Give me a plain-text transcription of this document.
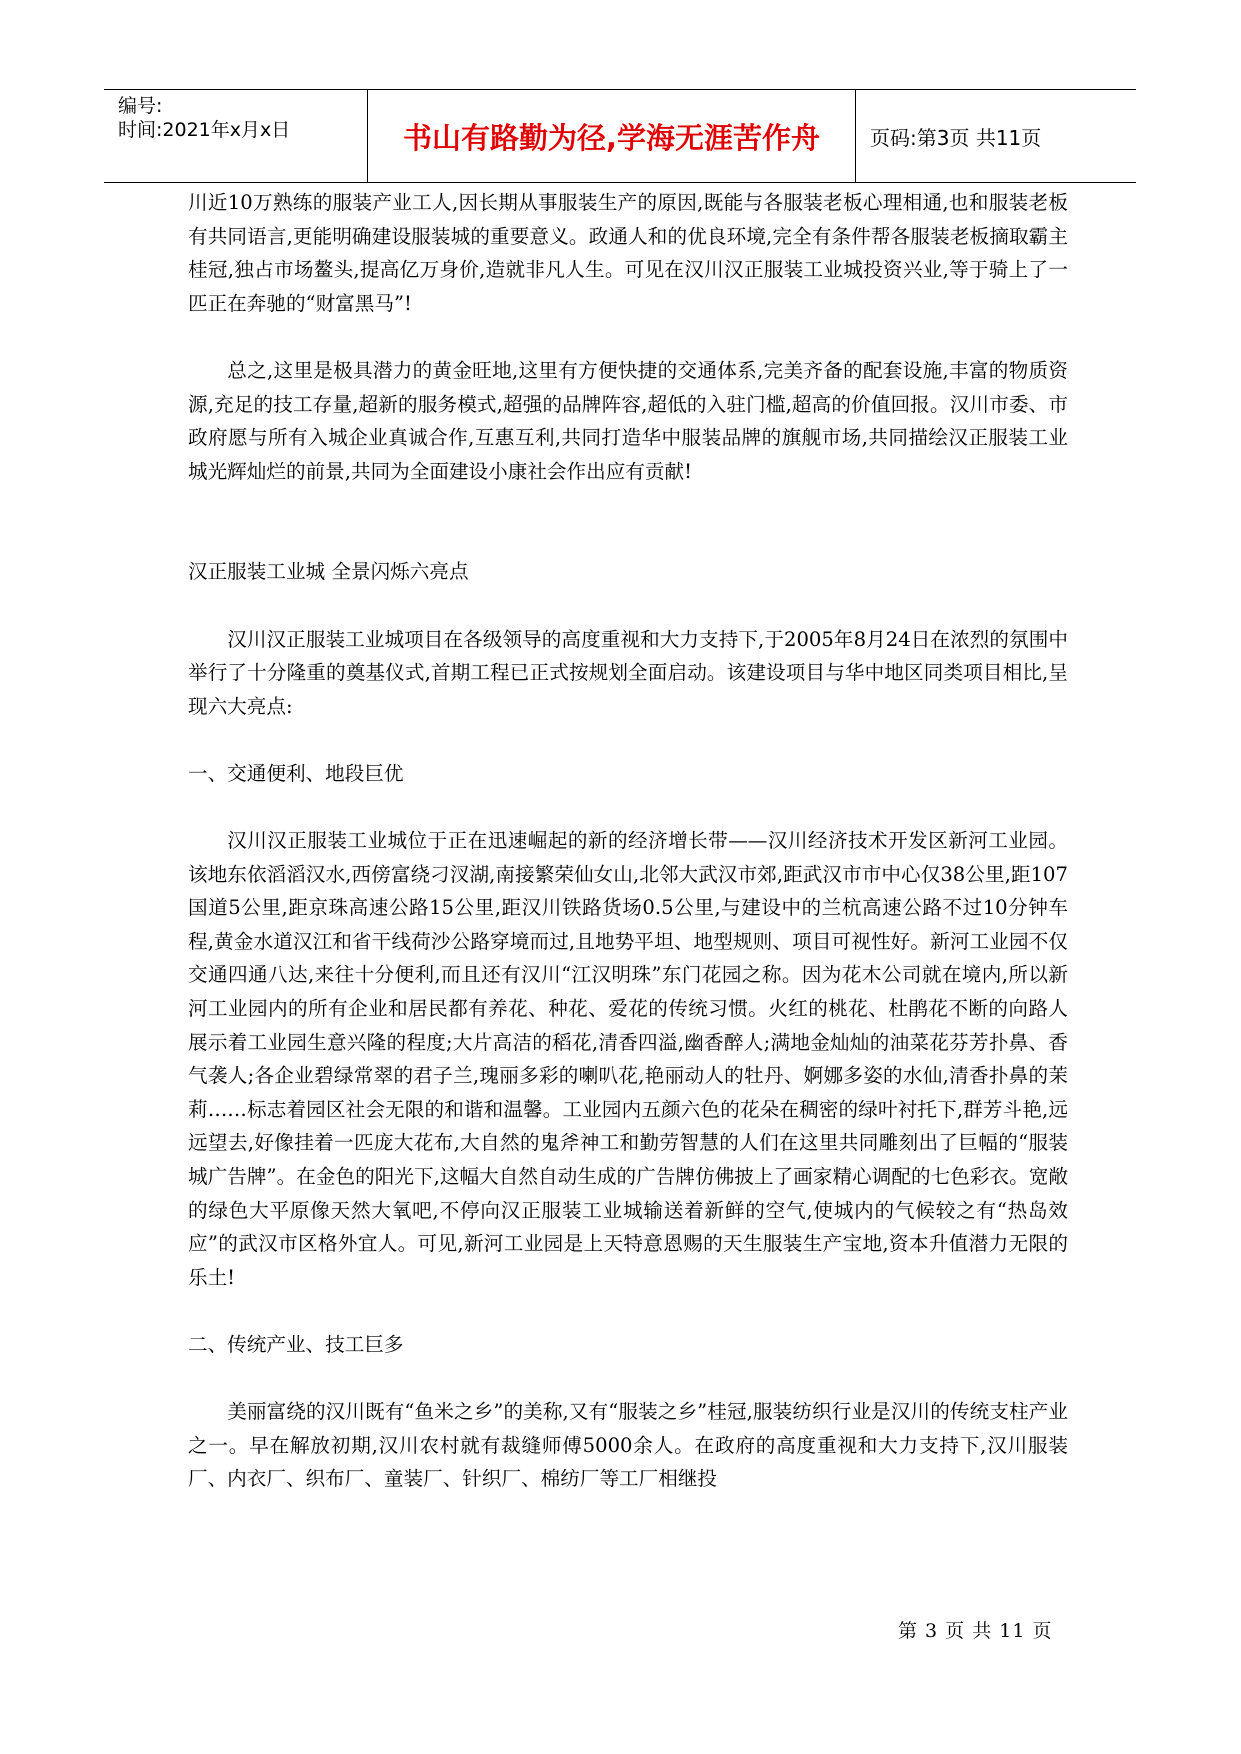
编号:
时间:2021年x月x日	书山有路勤为径,学海无涯苦作舟 页码:第3页 共11页

川近10万熟练的服装产业工人,因长期从事服装生产的原因,既能与各服装老板心理相通,也和服装老板有共同语言,更能明确建设服装城的重要意义。政通人和的优良环境,完全有条件帮各服装老板摘取霸主桂冠,独占市场鳌头,提高亿万身价,造就非凡人生。可见在汉川汉正服装工业城投资兴业,等于骑上了一匹正在奔驰的“财富黑马”!

总之,这里是极具潜力的黄金旺地,这里有方便快捷的交通体系,完美齐备的配套设施,丰富的物质资源,充足的技工存量,超新的服务模式,超强的品牌阵容,超低的入驻门槛,超高的价值回报。汉川市委、市政府愿与所有入城企业真诚合作,互惠互利,共同打造华中服装品牌的旗舰市场,共同描绘汉正服装工业城光辉灿烂的前景,共同为全面建设小康社会作出应有贡献!

汉正服装工业城 全景闪烁六亮点

汉川汉正服装工业城项目在各级领导的高度重视和大力支持下,于2005年8月24日在浓烈的氛围中举行了十分隆重的奠基仪式,首期工程已正式按规划全面启动。该建设项目与华中地区同类项目相比,呈现六大亮点:

一、交通便利、地段巨优

汉川汉正服装工业城位于正在迅速崛起的新的经济增长带——汉川经济技术开发区新河工业园。该地东依滔滔汉水,西傍富绕刁汊湖,南接繁荣仙女山,北邻大武汉市郊,距武汉市市中心仅38公里,距107国道5公里,距京珠高速公路15公里,距汉川铁路货场0.5公里,与建设中的兰杭高速公路不过10分钟车程,黄金水道汉江和省干线荷沙公路穿境而过,且地势平坦、地型规则、项目可视性好。新河工业园不仅交通四通八达,来往十分便利,而且还有汉川“江汉明珠”东门花园之称。因为花木公司就在境内,所以新河工业园内的所有企业和居民都有养花、种花、爱花的传统习惯。火红的桃花、杜鹃花不断的向路人展示着工业园生意兴隆的程度;大片高洁的稻花,清香四溢,幽香醉人;满地金灿灿的油菜花芬芳扑鼻、香气袭人;各企业碧绿常翠的君子兰,瑰丽多彩的喇叭花,艳丽动人的牡丹、婀娜多姿的水仙,清香扑鼻的茉莉……标志着园区社会无限的和谐和温馨。工业园内五颜六色的花朵在稠密的绿叶衬托下,群芳斗艳,远远望去,好像挂着一匹庞大花布,大自然的鬼斧神工和勤劳智慧的人们在这里共同雕刻出了巨幅的“服装城广告牌”。在金色的阳光下,这幅大自然自动生成的广告牌仿佛披上了画家精心调配的七色彩衣。宽敞的绿色大平原像天然大氧吧,不停向汉正服装工业城输送着新鲜的空气,使城内的气候较之有“热岛效应”的武汉市区格外宜人。可见,新河工业园是上天特意恩赐的天生服装生产宝地,资本升值潜力无限的乐土!

二、传统产业、技工巨多

美丽富绕的汉川既有“鱼米之乡”的美称,又有“服装之乡”桂冠,服装纺织行业是汉川的传统支柱产业之一。早在解放初期,汉川农村就有裁缝师傅5000余人。在政府的高度重视和大力支持下,汉川服装厂、内衣厂、织布厂、童装厂、针织厂、棉纺厂等工厂相继投

第 3 页 共 11 页
